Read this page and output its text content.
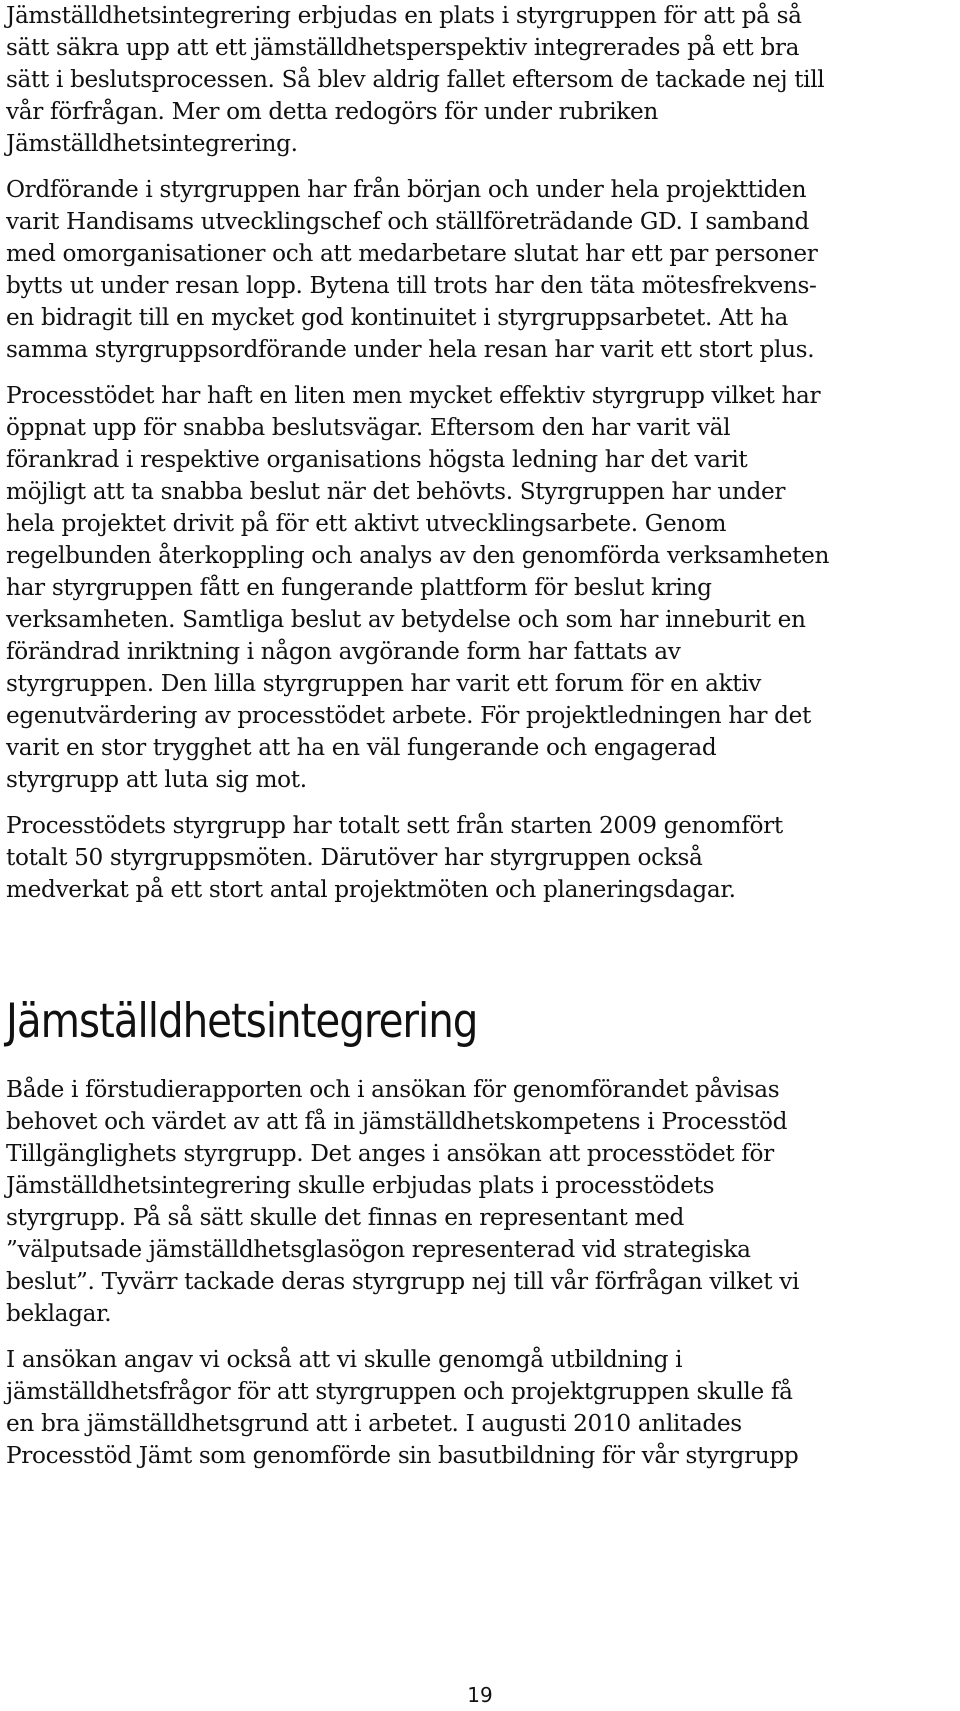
Jämställdhetsintegrering erbjudas en plats i styrgruppen för att på så
sätt säkra upp att ett jämställdhetsperspektiv integrerades på ett bra
sätt i beslutsprocessen. Så blev aldrig fallet eftersom de tackade nej till
vår förfrågan. Mer om detta redogörs för under rubriken
Jämställdhetsintegrering.

Ordförande i styrgruppen har från början och under hela projekttiden
varit Handisams utvecklingschef och ställföreträdande GD. I samband
med omorganisationer och att medarbetare slutat har ett par personer
bytts ut under resan lopp. Bytena till trots har den täta mötesfrekvens-
en bidragit till en mycket god kontinuitet i styrgruppsarbetet. Att ha
samma styrgruppsordförande under hela resan har varit ett stort plus.

Processtödet har haft en liten men mycket effektiv styrgrupp vilket har
öppnat upp för snabba beslutsvägar. Eftersom den har varit väl
förankrad i respektive organisations högsta ledning har det varit
möjligt att ta snabba beslut när det behövts. Styrgruppen har under
hela projektet drivit på för ett aktivt utvecklingsarbete. Genom
regelbunden återkoppling och analys av den genomförda verksamheten
har styrgruppen fått en fungerande plattform för beslut kring
verksamheten. Samtliga beslut av betydelse och som har inneburit en
förändrad inriktning i någon avgörande form har fattats av
styrgruppen. Den lilla styrgruppen har varit ett forum för en aktiv
egenutvärdering av processtödet arbete. För projektledningen har det
varit en stor trygghet att ha en väl fungerande och engagerad
styrgrupp att luta sig mot.

Processtödets styrgrupp har totalt sett från starten 2009 genomfört
totalt 50 styrgruppsmöten. Därutöver har styrgruppen också
medverkat på ett stort antal projektmöten och planeringsdagar.

Jämställdhetsintegrering

Både i förstudierapporten och i ansökan för genomförandet påvisas
behovet och värdet av att få in jämställdhetskompetens i Processtöd
Tillgänglighets styrgrupp. Det anges i ansökan att processtödet för
Jämställdhetsintegrering skulle erbjudas plats i processtödets
styrgrupp. På så sätt skulle det finnas en representant med
”välputsade jämställdhetsglasögon representerad vid strategiska
beslut”. Tyvärr tackade deras styrgrupp nej till vår förfrågan vilket vi
beklagar.

I ansökan angav vi också att vi skulle genomgå utbildning i
jämställdhetsfrågor för att styrgruppen och projektgruppen skulle få
en bra jämställdhetsgrund att i arbetet. I augusti 2010 anlitades
Processtöd Jämt som genomförde sin basutbildning för vår styrgrupp

19
